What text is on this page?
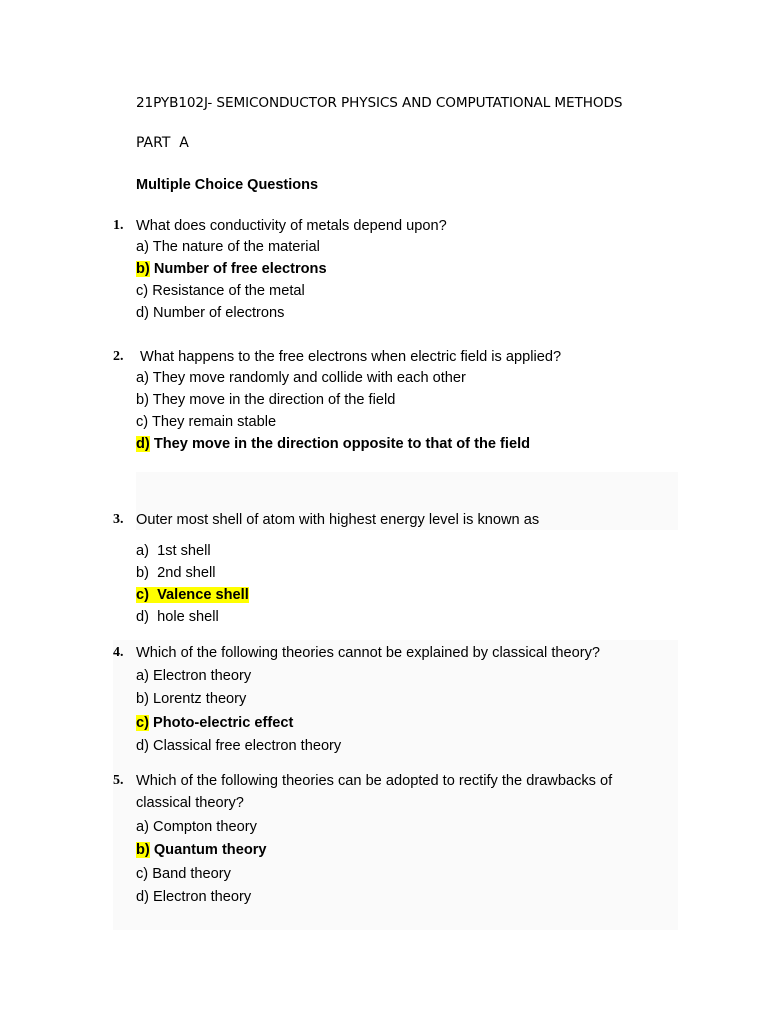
21PYB102J- SEMICONDUCTOR PHYSICS AND COMPUTATIONAL METHODS
PART  A
Multiple Choice Questions
1. What does conductivity of metals depend upon?
a) The nature of the material
b) Number of free electrons
c) Resistance of the metal
d) Number of electrons
2. What happens to the free electrons when electric field is applied?
a) They move randomly and collide with each other
b) They move in the direction of the field
c) They remain stable
d) They move in the direction opposite to that of the field
3. Outer most shell of atom with highest energy level is known as
a)  1st shell
b)  2nd shell
c)  Valence shell
d)  hole shell
4. Which of the following theories cannot be explained by classical theory?
a) Electron theory
b) Lorentz theory
c) Photo-electric effect
d) Classical free electron theory
5. Which of the following theories can be adopted to rectify the drawbacks of classical theory?
a) Compton theory
b) Quantum theory
c) Band theory
d) Electron theory
